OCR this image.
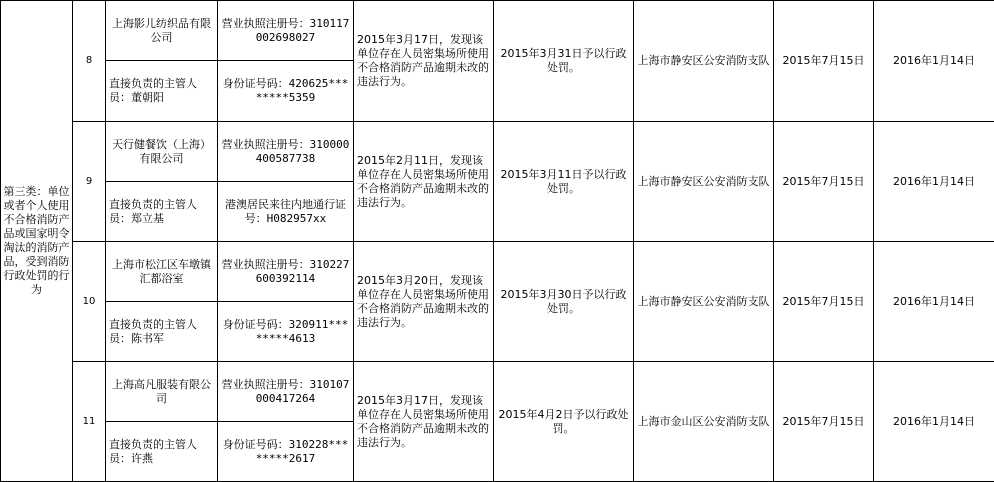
第三类：单位或者个人使用不合格消防产品或国家明令淘汰的消防产品，受到消防行政处罚的行为	8	上海影儿纺织品有限公司	营业执照注册号：310117002698027	2015年3月17日，发现该单位存在人员密集场所使用不合格消防产品逾期未改的违法行为。	2015年3月31日予以行政处罚。	上海市静安区公安消防支队	2015年7月15日	2016年1月14日
		直接负责的主管人员：董朝阳	身份证号码：420625********5359					
	9	天行健餐饮（上海）有限公司	营业执照注册号：310000400587738	2015年2月11日，发现该单位存在人员密集场所使用不合格消防产品逾期未改的违法行为。	2015年3月11日予以行政处罚。	上海市静安区公安消防支队	2015年7月15日	2016年1月14日
		直接负责的主管人员：郑立基	港澳居民来往内地通行证号：H082957xx					
	10	上海市松江区车墩镇汇都浴室	营业执照注册号：310227600392114	2015年3月20日，发现该单位存在人员密集场所使用不合格消防产品逾期未改的违法行为。	2015年3月30日予以行政处罚。	上海市静安区公安消防支队	2015年7月15日	2016年1月14日
		直接负责的主管人员：陈书军	身份证号码：320911********4613					
	11	上海高凡服装有限公司	营业执照注册号：310107000417264	2015年3月17日，发现该单位存在人员密集场所使用不合格消防产品逾期未改的违法行为。	2015年4月2日予以行政处罚。	上海市金山区公安消防支队	2015年7月15日	2016年1月14日
		直接负责的主管人员：许燕	身份证号码：310228********2617					
